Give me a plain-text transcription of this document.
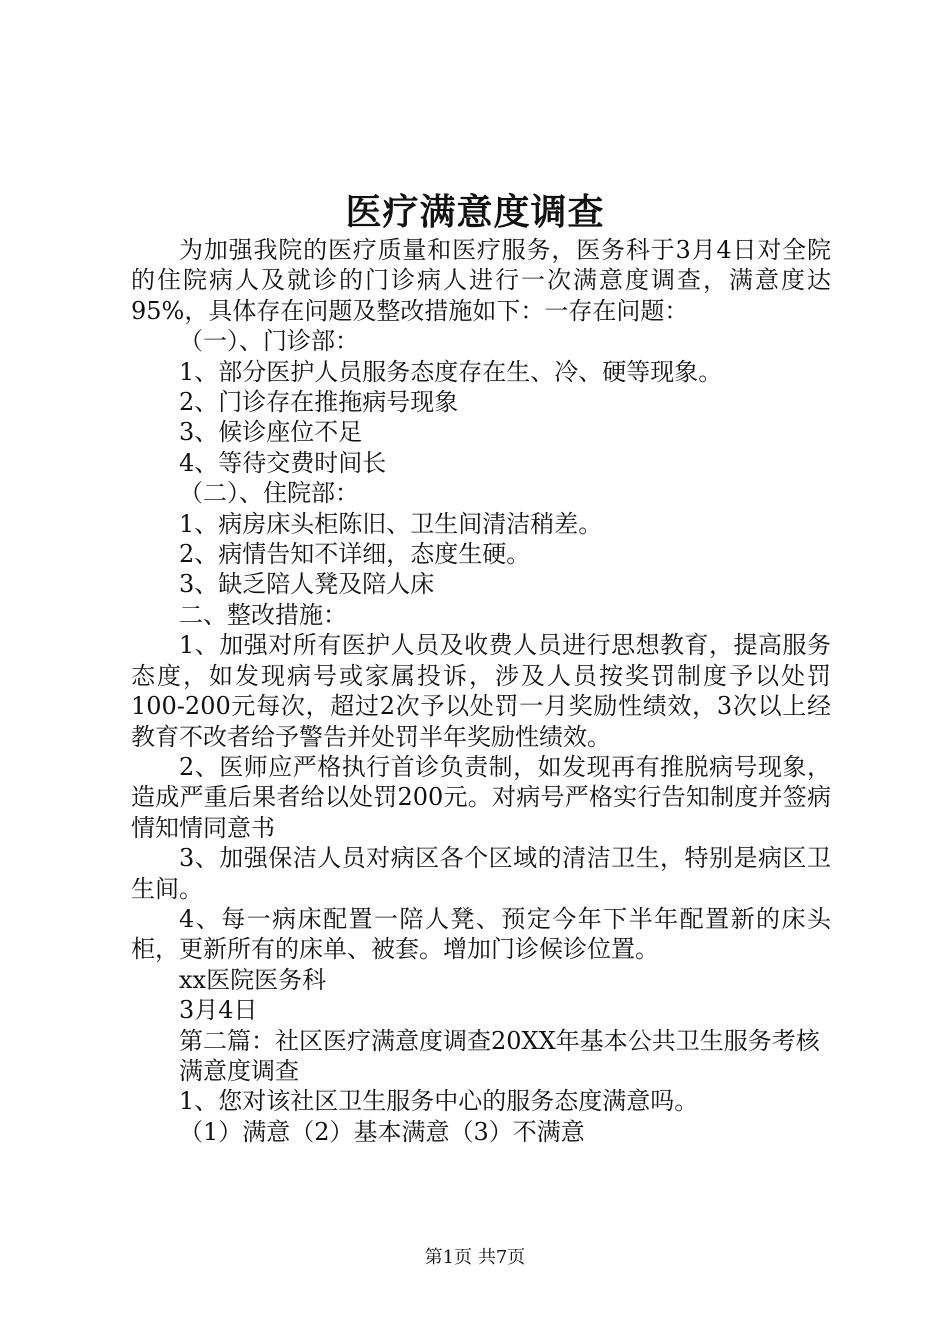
医疗满意度调查

为加强我院的医疗质量和医疗服务，医务科于3月4日对全院的住院病人及就诊的门诊病人进行一次满意度调查，满意度达95%，具体存在问题及整改措施如下：一存在问题：

（一）、门诊部：

1、部分医护人员服务态度存在生、冷、硬等现象。

2、门诊存在推拖病号现象

3、候诊座位不足

4、等待交费时间长

（二）、住院部：

1、病房床头柜陈旧、卫生间清洁稍差。

2、病情告知不详细，态度生硬。

3、缺乏陪人凳及陪人床

二、整改措施：

1、加强对所有医护人员及收费人员进行思想教育，提高服务态度，如发现病号或家属投诉，涉及人员按奖罚制度予以处罚100-200元每次，超过2次予以处罚一月奖励性绩效，3次以上经教育不改者给予警告并处罚半年奖励性绩效。

2、医师应严格执行首诊负责制，如发现再有推脱病号现象，造成严重后果者给以处罚200元。对病号严格实行告知制度并签病情知情同意书

3、加强保洁人员对病区各个区域的清洁卫生，特别是病区卫生间。

4、每一病床配置一陪人凳、预定今年下半年配置新的床头柜，更新所有的床单、被套。增加门诊候诊位置。

xx医院医务科

3月4日

第二篇：社区医疗满意度调查20XX年基本公共卫生服务考核

满意度调查

1、您对该社区卫生服务中心的服务态度满意吗。

（1）满意（2）基本满意（3）不满意

第1页 共7页
